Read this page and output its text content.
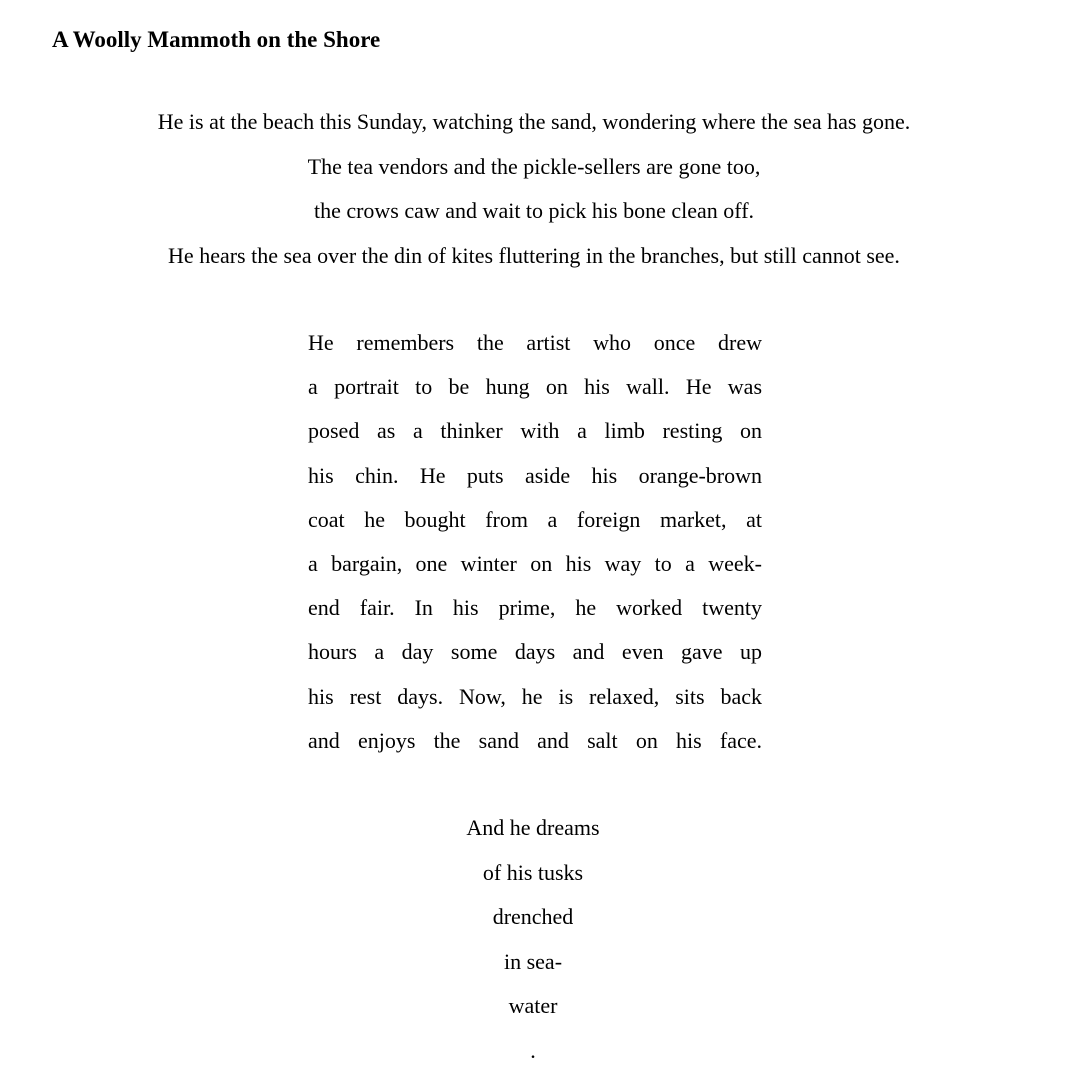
A Woolly Mammoth on the Shore
He is at the beach this Sunday, watching the sand, wondering where the sea has gone.
The tea vendors and the pickle-sellers are gone too,
the crows caw and wait to pick his bone clean off.
He hears the sea over the din of kites fluttering in the branches, but still cannot see.
He remembers the artist who once drew
a portrait to be hung on his wall. He was
posed as a thinker with a limb resting on
his chin. He puts aside his orange-brown
coat he bought from a foreign market, at
a bargain, one winter on his way to a week-
end fair. In his prime, he worked twenty
hours a day some days and even gave up
his rest days. Now, he is relaxed, sits back
and enjoys the sand and salt on his face.
And he dreams
of his tusks
drenched
in sea-
water
.
